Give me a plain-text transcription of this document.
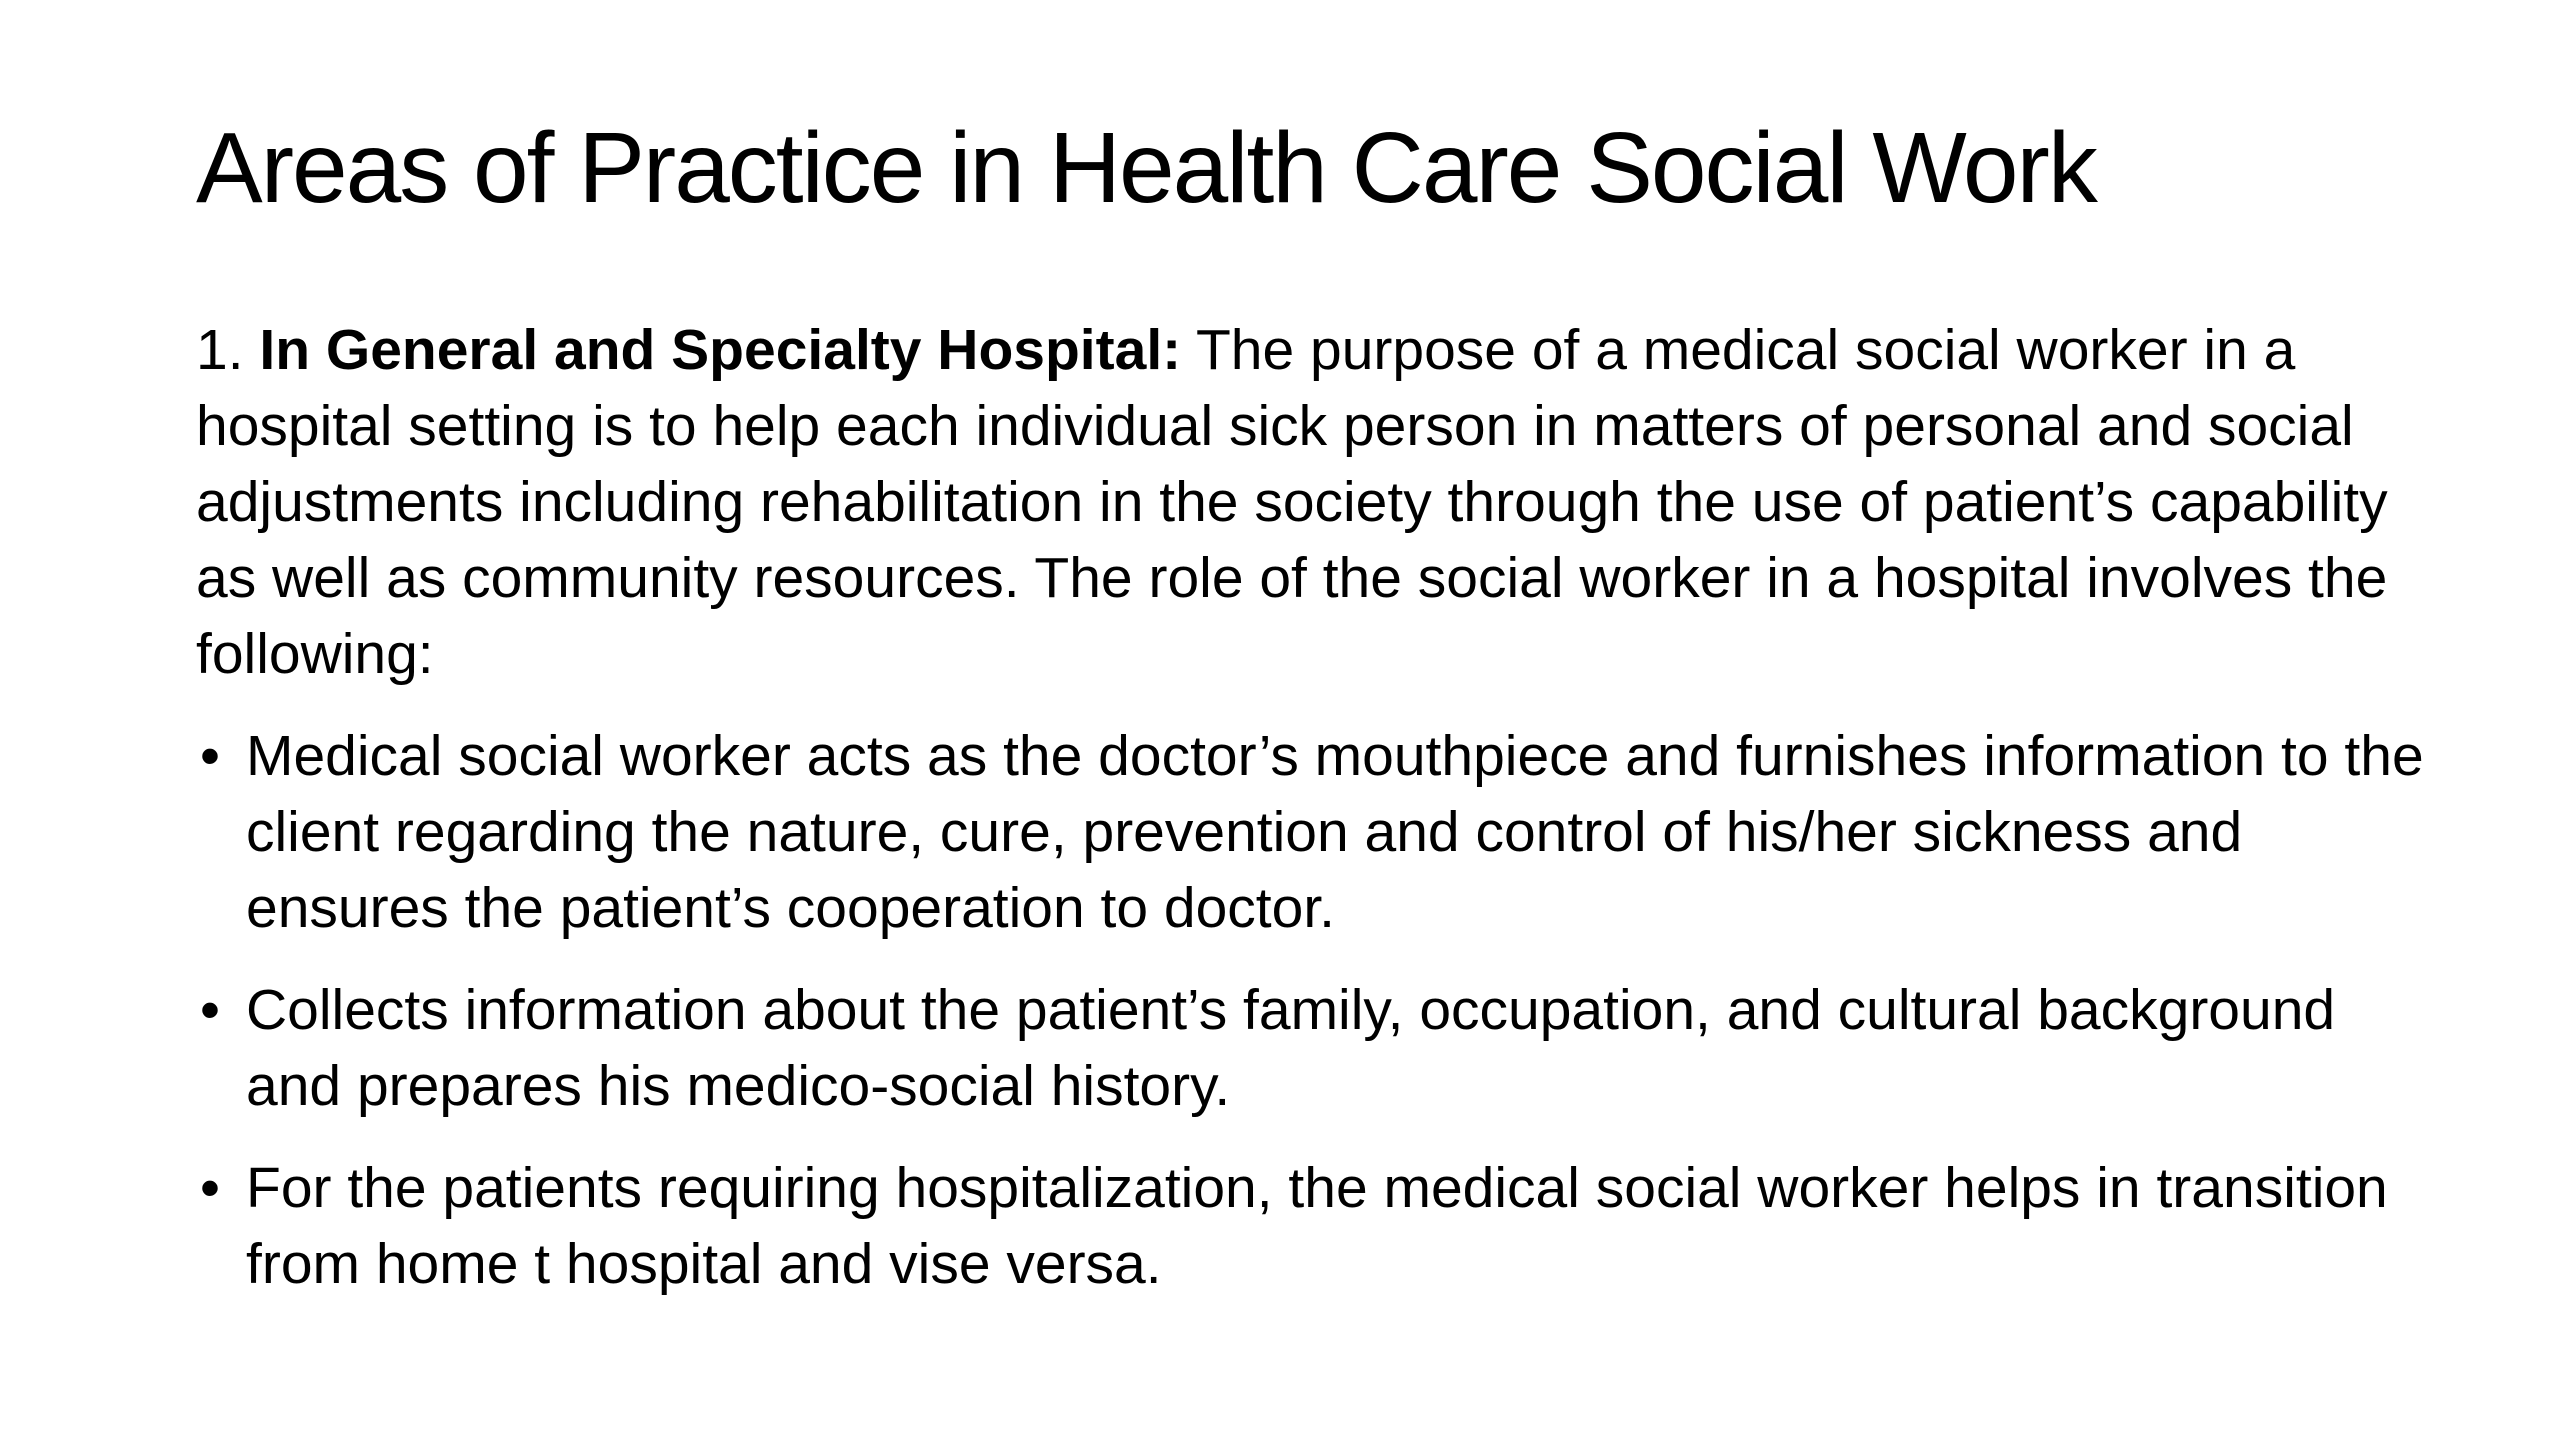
Areas of Practice in Health Care Social Work

1. In General and Specialty Hospital: The purpose of a medical social worker in a hospital setting is to help each individual sick person in matters of personal and social adjustments including rehabilitation in the society through the use of patient’s capability as well as community resources. The role of the social worker in a hospital involves the following:

• Medical social worker acts as the doctor’s mouthpiece and furnishes information to the client regarding the nature, cure, prevention and control of his/her sickness and ensures the patient’s cooperation to doctor.
• Collects information about the patient’s family, occupation, and cultural background and prepares his medico-social history.
• For the patients requiring hospitalization, the medical social worker helps in transition from home t hospital and vise versa.
